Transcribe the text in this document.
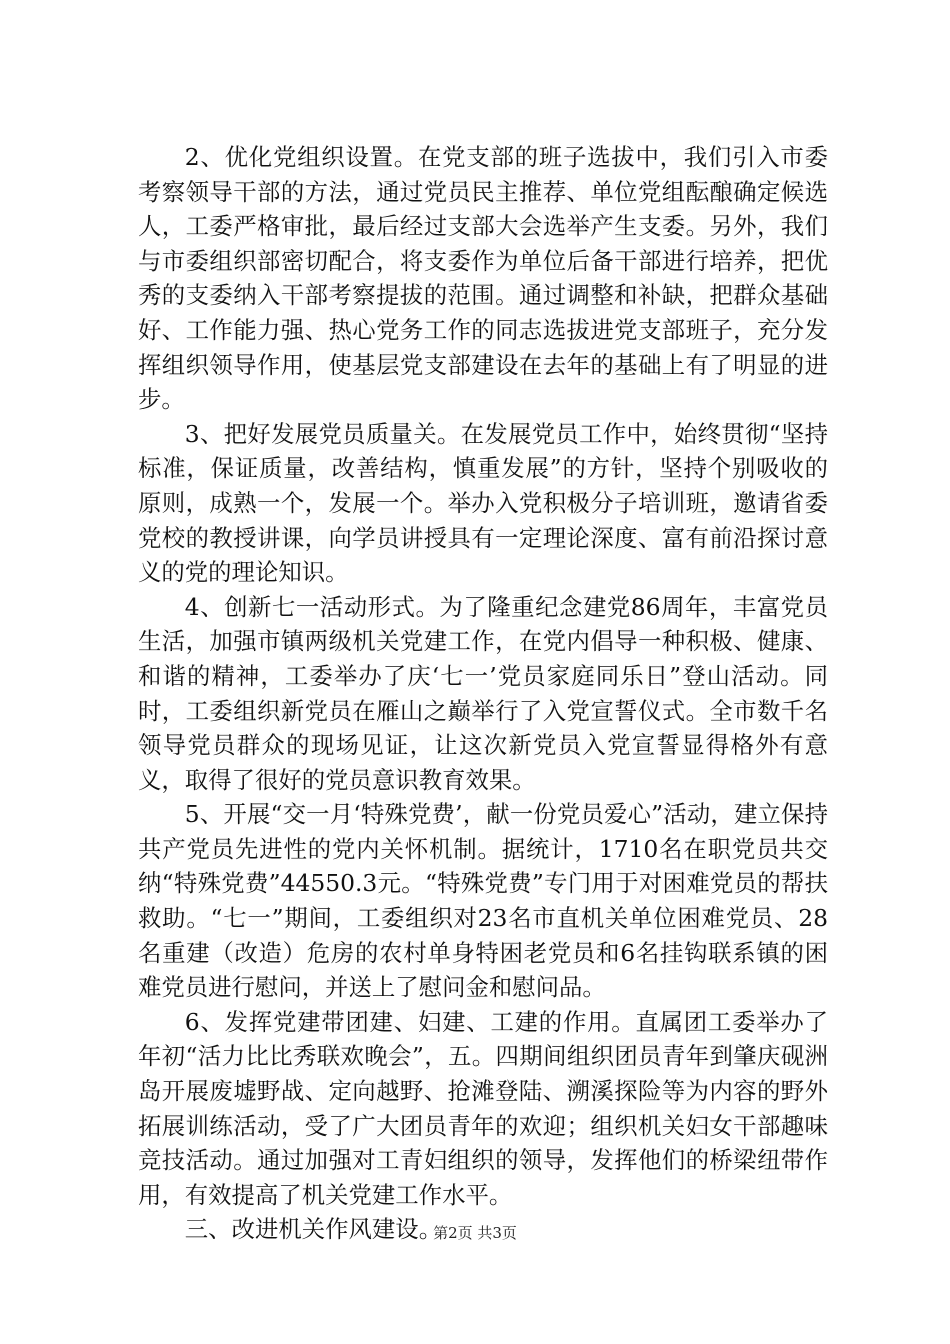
2、优化党组织设置。在党支部的班子选拔中，我们引入市委考察领导干部的方法，通过党员民主推荐、单位党组酝酿确定候选人，工委严格审批，最后经过支部大会选举产生支委。另外，我们与市委组织部密切配合，将支委作为单位后备干部进行培养，把优秀的支委纳入干部考察提拔的范围。通过调整和补缺，把群众基础好、工作能力强、热心党务工作的同志选拔进党支部班子，充分发挥组织领导作用，使基层党支部建设在去年的基础上有了明显的进步。

3、把好发展党员质量关。在发展党员工作中，始终贯彻“坚持标准，保证质量，改善结构，慎重发展”的方针，坚持个别吸收的原则，成熟一个，发展一个。举办入党积极分子培训班，邀请省委党校的教授讲课，向学员讲授具有一定理论深度、富有前沿探讨意义的党的理论知识。

4、创新七一活动形式。为了隆重纪念建党86周年，丰富党员生活，加强市镇两级机关党建工作，在党内倡导一种积极、健康、和谐的精神，工委举办了庆‘七一’党员家庭同乐日”登山活动。同时，工委组织新党员在雁山之巅举行了入党宣誓仪式。全市数千名领导党员群众的现场见证，让这次新党员入党宣誓显得格外有意义，取得了很好的党员意识教育效果。

5、开展“交一月‘特殊党费’，献一份党员爱心”活动，建立保持共产党员先进性的党内关怀机制。据统计，1710名在职党员共交纳“特殊党费”44550.3元。“特殊党费”专门用于对困难党员的帮扶救助。“七一”期间，工委组织对23名市直机关单位困难党员、28名重建（改造）危房的农村单身特困老党员和6名挂钩联系镇的困难党员进行慰问，并送上了慰问金和慰问品。

6、发挥党建带团建、妇建、工建的作用。直属团工委举办了年初“活力比比秀联欢晚会”，五。四期间组织团员青年到肇庆砚洲岛开展废墟野战、定向越野、抢滩登陆、溯溪探险等为内容的野外拓展训练活动，受了广大团员青年的欢迎；组织机关妇女干部趣味竞技活动。通过加强对工青妇组织的领导，发挥他们的桥梁纽带作用，有效提高了机关党建工作水平。

三、改进机关作风建设。

第2页 共3页
